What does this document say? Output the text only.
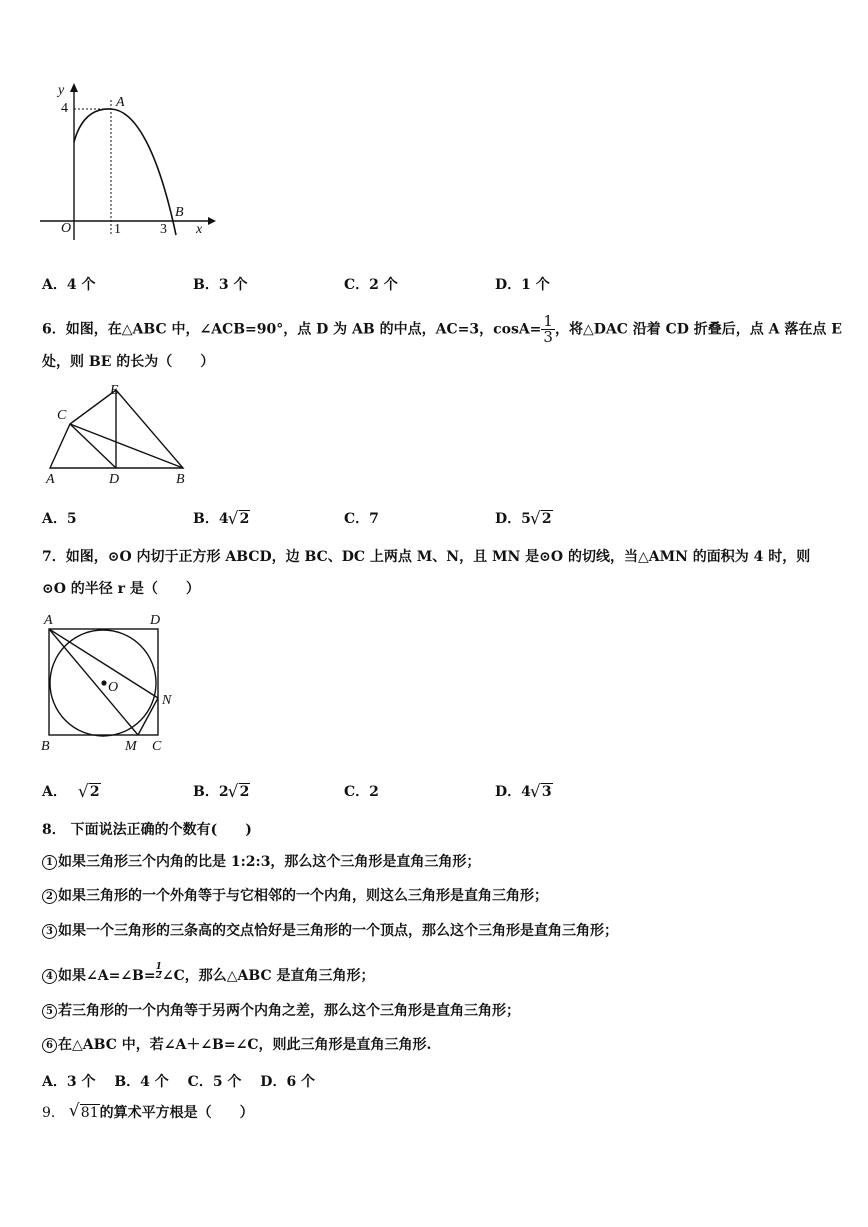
y
4	A
B
O	1	3 x
A．4 个	B．3 个	C．2 个	D．1 个
6．如图，在△ABC 中，∠ACB=90°，点 D 为 AB 的中点，AC=3，$\cos A= \frac{1}{3}$ ，将△DAC 沿着 CD 折叠后，点 A 落在点 E
处，则 BE 的长为（　　）
E
C
A	D	B
A．5	B．4 √ 2	C．7	D．5 √ 2
7．如图，⊙O 内切于正方形 ABCD，边 BC、DC 上两点 M、N，且 MN 是⊙O 的切线，当△AMN 的面积为 4 时，则
⊙O 的半径 r 是（　　）
A	D
O
N
B	M C
A． √ 2	B．2 √ 2	C．2	D．4 √ 3
8． 下面说法正确的个数有(　　)
1 如果三角形三个内角的比是 1:2:3，那么这个三角形是直角三角形；
2 如果三角形的一个外角等于与它相邻的一个内角，则这么三角形是直角三角形；
3 如果一个三角形的三条高的交点恰好是三角形的一个顶点，那么这个三角形是直角三角形；
4 如果∠A=∠B= $\frac{1}{2}$ ∠C，那么△ABC 是直角三角形；
5 若三角形的一个内角等于另两个内角之差，那么这个三角形是直角三角形；
6 在△ABC 中，若∠A＋∠B=∠C，则此三角形是直角三角形.
A．3 个　 B．4 个　 C．5 个　 D．6 个
9． √ 81的算术平方根是（　　）
